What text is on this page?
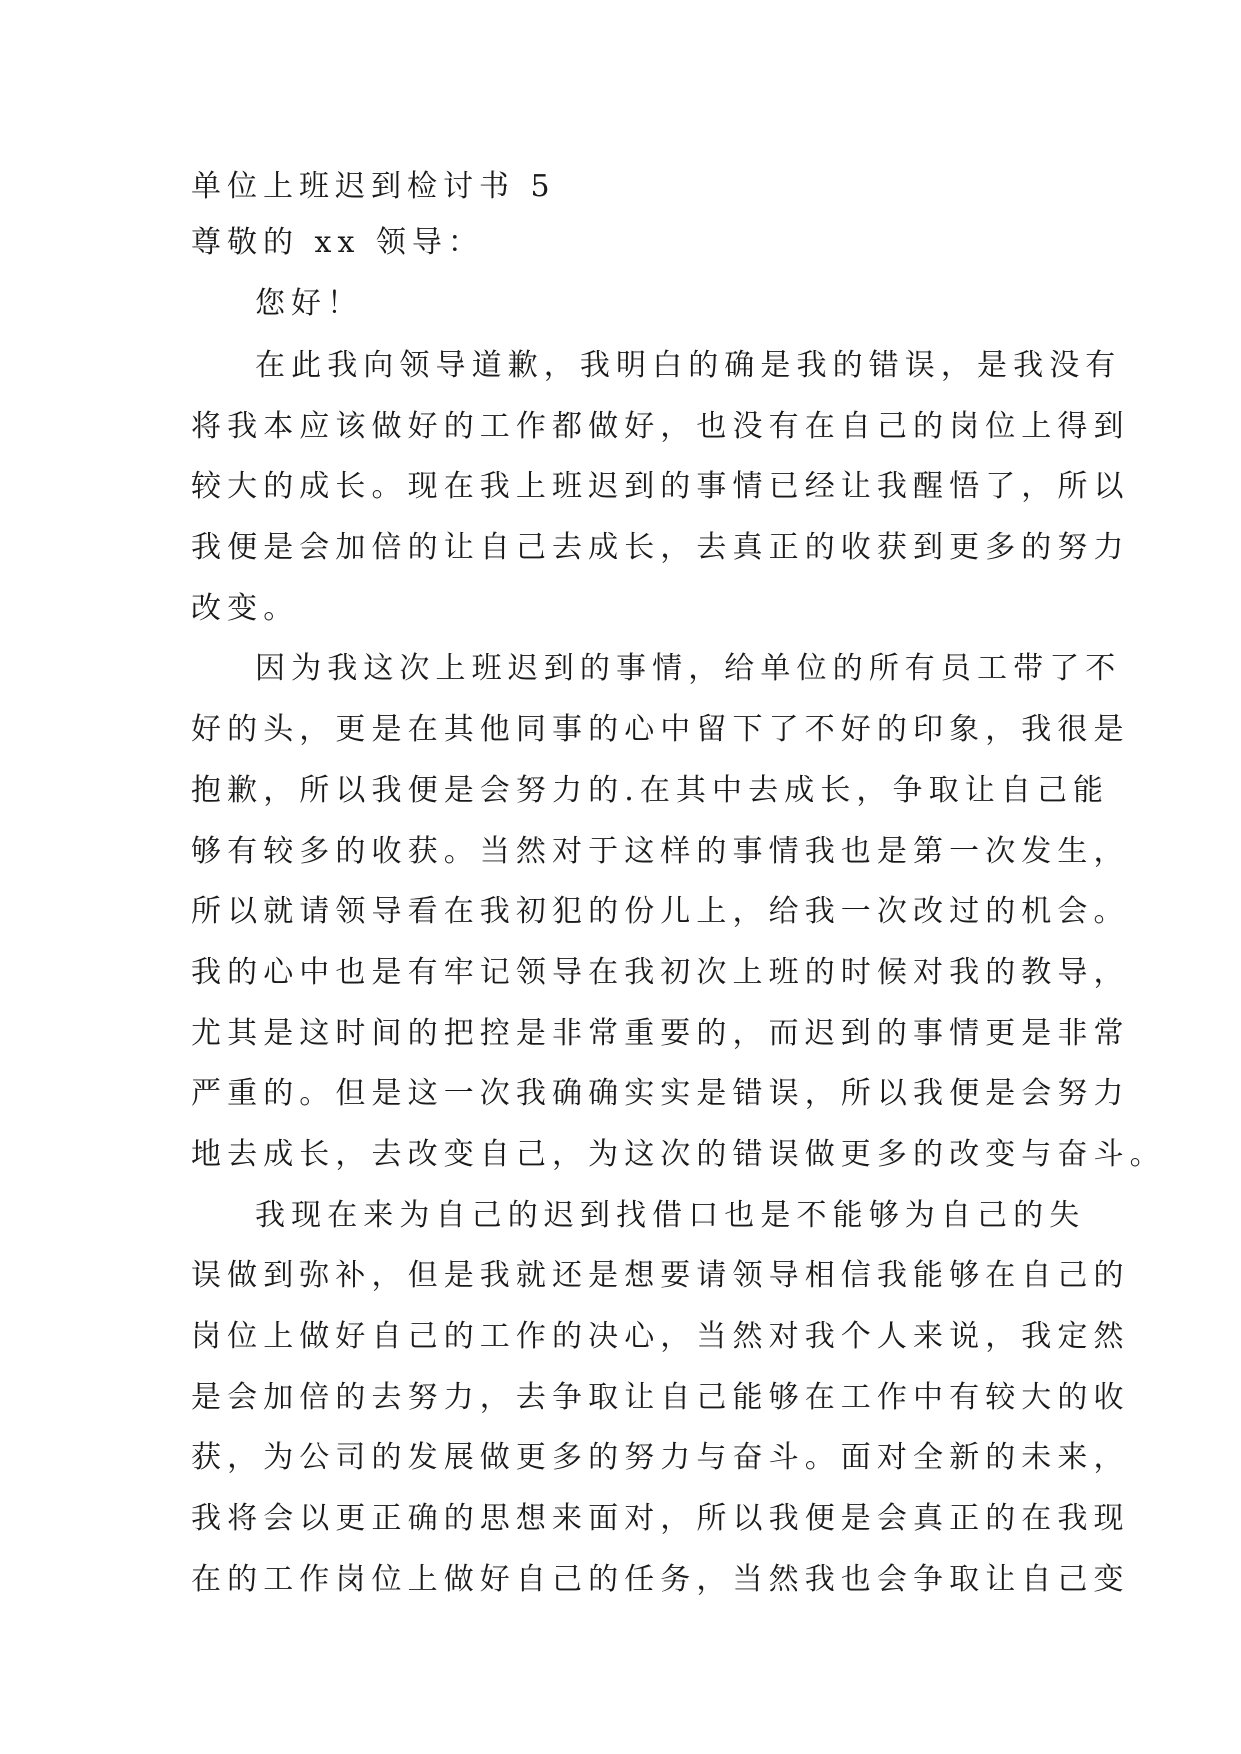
单位上班迟到检讨书 5

尊敬的 xx 领导：

您好！

在此我向领导道歉，我明白的确是我的错误，是我没有
将我本应该做好的工作都做好，也没有在自己的岗位上得到
较大的成长。现在我上班迟到的事情已经让我醒悟了，所以
我便是会加倍的让自己去成长，去真正的收获到更多的努力
改变。

因为我这次上班迟到的事情，给单位的所有员工带了不
好的头，更是在其他同事的心中留下了不好的印象，我很是
抱歉，所以我便是会努力的.在其中去成长，争取让自己能
够有较多的收获。当然对于这样的事情我也是第一次发生，
所以就请领导看在我初犯的份儿上，给我一次改过的机会。
我的心中也是有牢记领导在我初次上班的时候对我的教导，
尤其是这时间的把控是非常重要的，而迟到的事情更是非常
严重的。但是这一次我确确实实是错误，所以我便是会努力
地去成长，去改变自己，为这次的错误做更多的改变与奋斗。

我现在来为自己的迟到找借口也是不能够为自己的失
误做到弥补，但是我就还是想要请领导相信我能够在自己的
岗位上做好自己的工作的决心，当然对我个人来说，我定然
是会加倍的去努力，去争取让自己能够在工作中有较大的收
获，为公司的发展做更多的努力与奋斗。面对全新的未来，
我将会以更正确的思想来面对，所以我便是会真正的在我现
在的工作岗位上做好自己的任务，当然我也会争取让自己变
